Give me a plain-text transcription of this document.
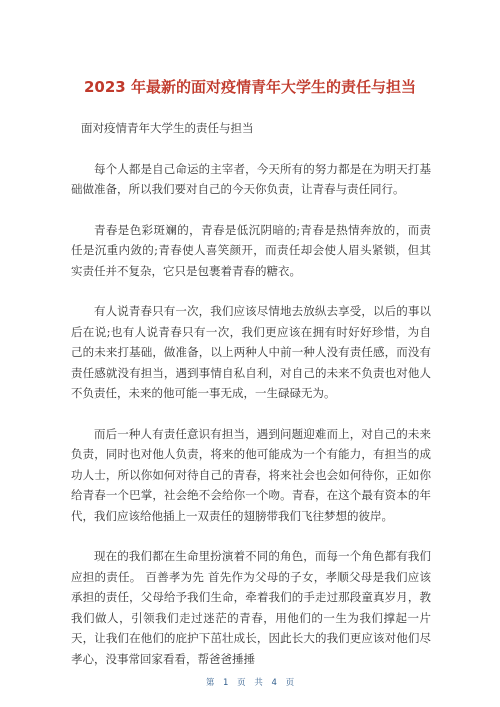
2023 年最新的面对疫情青年大学生的责任与担当

面对疫情青年大学生的责任与担当

每个人都是自己命运的主宰者，今天所有的努力都是在为明天打基础做准备，所以我们要对自己的今天你负责，让青春与责任同行。

青春是色彩斑斓的，青春是低沉阴暗的;青春是热情奔放的，而责任是沉重内敛的;青春使人喜笑颜开，而责任却会使人眉头紧锁，但其实责任并不复杂，它只是包裹着青春的糖衣。

有人说青春只有一次，我们应该尽情地去放纵去享受，以后的事以后在说;也有人说青春只有一次，我们更应该在拥有时好好珍惜，为自己的未来打基础，做准备，以上两种人中前一种人没有责任感，而没有责任感就没有担当，遇到事情自私自利，对自己的未来不负责也对他人不负责任，未来的他可能一事无成，一生碌碌无为。

而后一种人有责任意识有担当，遇到问题迎难而上，对自己的未来负责，同时也对他人负责，将来的他可能成为一个有能力，有担当的成功人士，所以你如何对待自己的青春，将来社会也会如何待你，正如你给青春一个巴掌，社会绝不会给你一个吻。青春，在这个最有资本的年代，我们应该给他插上一双责任的翅膀带我们飞往梦想的彼岸。

现在的我们都在生命里扮演着不同的角色，而每一个角色都有我们应担的责任。 百善孝为先 首先作为父母的子女，孝顺父母是我们应该承担的责任，父母给予我们生命，牵着我们的手走过那段童真岁月，教我们做人，引领我们走过迷茫的青春，用他们的一生为我们撑起一片天，让我们在他们的庇护下茁壮成长，因此长大的我们更应该对他们尽孝心，没事常回家看看，帮爸爸捶捶

第 1 页 共 4 页
